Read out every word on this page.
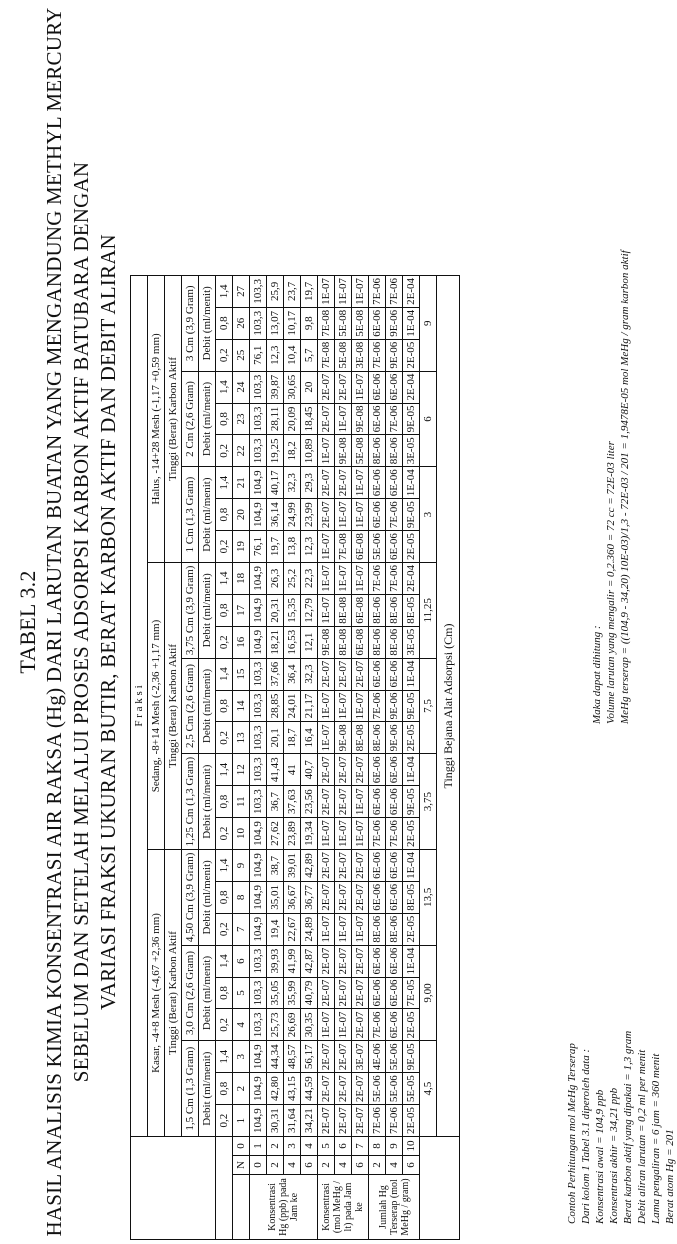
TABEL 3.2 HASIL ANALISIS KIMIA KONSENTRASI AIR RAKSA (Hg) DARI LARUTAN BUATAN YANG MENGANDUNG METHYL MERCURY SEBELUM DAN SETELAH MELALUI PROSES ADSORPSI KARBON AKTIF BATUBARA DENGAN VARIASI FRAKSI UKURAN BUTIR, BERAT KARBON AKTIF DAN DEBIT ALIRAN
			F r a k s i																										
			Kasar, -4+8 Mesh (-4,67 +2,36 mm)									Sedang, -8+14 Mesh (-2,36 +1,17 mm)									Halus, -14+28 Mesh (-1,17 +0,59 mm)								
			Tinggi (Berat) Karbon Aktif									Tinggi (Berat) Karbon Aktif									Tinggi (Berat) Karbon Aktif								
			1,5 Cm (1,3 Gram)			3,0 Cm (2,6 Gram)			4,50 Cm (3,9 Gram)			1,25 Cm (1,3 Gram)			2,5 Cm (2,6 Gram)			3,75 Cm (3,9 Gram)			1 Cm (1,3 Gram)			2 Cm (2,6 Gram)			3 Cm (3,9 Gram)		
			Debit (ml/menit)			Debit (ml/menit)			Debit (ml/menit)			Debit (ml/menit)			Debit (ml/menit)			Debit (ml/menit)			Debit (ml/menit)			Debit (ml/menit)			Debit (ml/menit)		
			0,2	0,8	1,4	0,2	0,8	1,4	0,2	0,8	1,4	0,2	0,8	1,4	0,2	0,8	1,4	0,2	0,8	1,4	0,2	0,8	1,4	0,2	0,8	1,4	0,2	0,8	1,4
	N	0	1	2	3	4	5	6	7	8	9	10	11	12	13	14	15	16	17	18	19	20	21	22	23	24	25	26	27
Konsentrasi Hg (ppb) pada Jam ke	0	1	104,9	104,9	104,9	103,3	103,3	103,3	104,9	104,9	104,9	104,9	103,3	103,3	103,3	103,3	103,3	104,9	104,9	104,9	76,1	104,9	104,9	103,3	103,3	103,3	76,1	103,3	103,3
	2	2	30,31	42,80	44,34	25,73	35,05	39,93	19,4	35,01	38,7	27,62	36,7	41,43	20,1	28,85	37,66	18,21	20,31	26,3	19,7	36,14	40,17	19,25	28,11	39,87	12,3	13,07	25,9
	4	3	31,64	43,15	48,57	26,69	35,99	41,99	22,67	36,67	39,01	23,89	37,63	41	18,7	24,01	36,4	16,53	15,35	25,2	13,8	24,99	32,3	18,2	20,09	30,65	10,4	10,17	23,7
	6	4	34,21	44,59	56,17	30,35	40,79	42,87	24,89	36,77	42,89	19,34	23,56	40,7	16,4	21,17	32,3	12,1	12,79	22,3	12,3	23,99	29,3	10,89	18,45	20	5,7	9,8	19,7
Konsentrasi (mol MeHg / lt) pada Jam ke	2	5	2E-07	2E-07	2E-07	1E-07	2E-07	2E-07	1E-07	2E-07	2E-07	1E-07	2E-07	2E-07	1E-07	1E-07	2E-07	9E-08	1E-07	1E-07	1E-07	2E-07	2E-07	1E-07	2E-07	2E-07	7E-08	7E-08	1E-07
	4	6	2E-07	2E-07	2E-07	1E-07	2E-07	2E-07	1E-07	2E-07	2E-07	1E-07	2E-07	2E-07	9E-08	1E-07	2E-07	8E-08	8E-08	1E-07	7E-08	1E-07	2E-07	9E-08	1E-07	2E-07	5E-08	5E-08	1E-07
	6	7	2E-07	2E-07	3E-07	2E-07	2E-07	2E-07	1E-07	2E-07	2E-07	1E-07	1E-07	2E-07	8E-08	1E-07	2E-07	6E-08	6E-08	1E-07	6E-08	1E-07	1E-07	5E-08	9E-08	1E-07	3E-08	5E-08	1E-07
Jumlah Hg Terserap (mol MeHg / gram)	2	8	7E-06	5E-06	4E-06	7E-06	6E-06	6E-06	8E-06	6E-06	6E-06	7E-06	6E-06	6E-06	8E-06	7E-06	6E-06	8E-06	8E-06	7E-06	5E-06	6E-06	6E-06	8E-06	6E-06	6E-06	7E-06	6E-06	7E-06
	4	9	7E-06	5E-06	5E-06	6E-06	6E-06	6E-06	8E-06	6E-06	6E-06	7E-06	6E-06	6E-06	9E-06	9E-06	6E-06	8E-06	8E-06	7E-06	6E-06	7E-06	6E-06	8E-06	7E-06	6E-06	9E-06	9E-06	7E-06
	6	10	2E-05	5E-05	9E-05	2E-05	7E-05	1E-04	2E-05	8E-05	1E-04	2E-05	9E-05	1E-04	2E-05	9E-05	1E-04	3E-05	8E-05	2E-04	2E-05	9E-05	1E-04	3E-05	9E-05	2E-04	2E-05	1E-04	2E-04
			4,5			9,00			13,5			3,75			7,5			11,25			3			6			9		
			Tinggi Bejana Alat Adsorpsi (Cm)																										
Contoh Perhitungan mol MeHg Terserap Dari kolom 1 Tabel 3.1 diperoleh data : Konsentrasi awal = 104,9 ppb Konsentrasi akhir = 34,21 ppb Berat karbon aktif yang dipakai = 1,3 gram Debit aliran larutan = 0,2 ml per menit Lama pengaliran = 6 jam = 360 menit Berat atom Hg = 201
Maka dapat dihitung : Volume larutan yang mengalir = 0,2.360 = 72 cc = 72E-03 liter MeHg terserap = ((104,9 - 34,20) 10E-03)/1,3 - 72E-03 / 201 = 1,9478E-05 mol MeHg / gram karbon aktif
